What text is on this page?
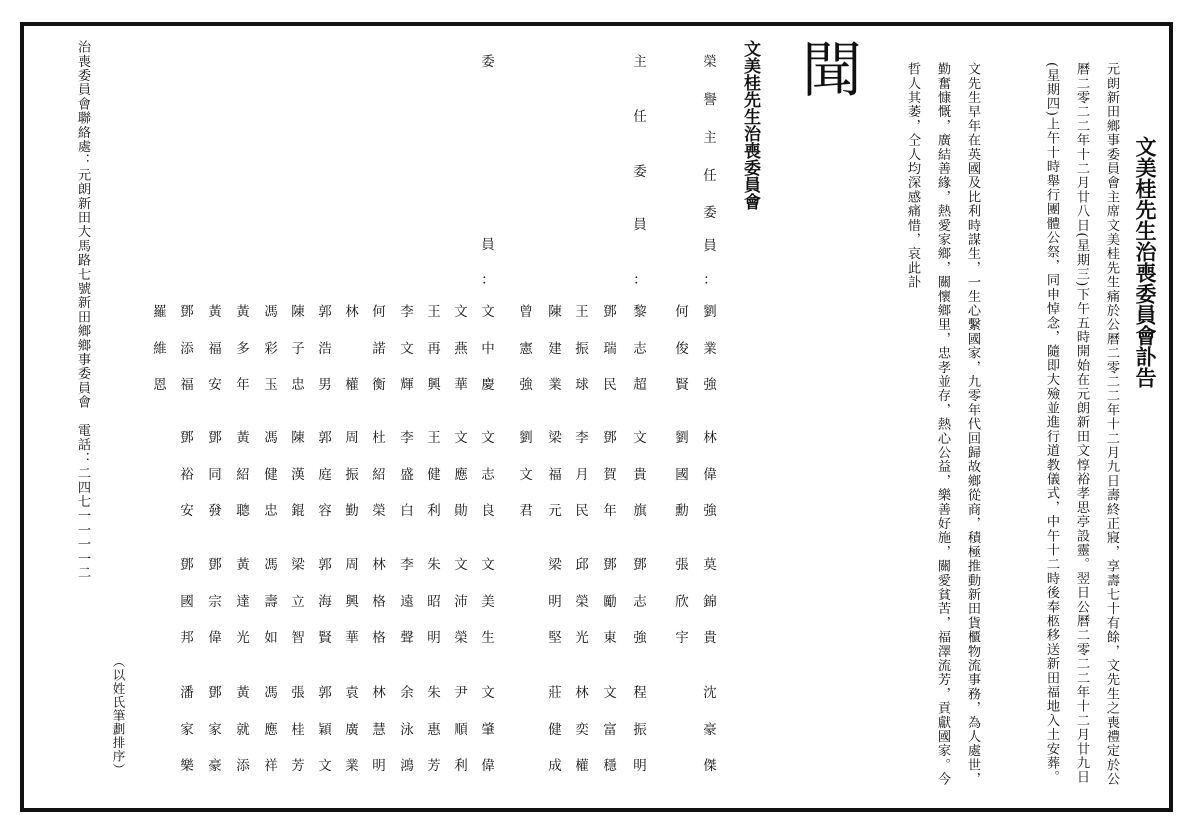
文美桂先生治喪委員會訃告
元朗新田鄉事委員會主席文美桂先生痛於公曆二零二二年十二月九日壽終正寢，享壽七十有餘，文先生之喪禮定於公曆二零二二年十二月廿八日(星期三)下午五時開始在元朗新田文惇裕孝思亭設靈。翌日公曆二零二二年十二月廿九日(星期四)上午十時舉行團體公祭，同申悼念，隨即大殮並進行道教儀式，中午十二時後奉柩移送新田福地入土安葬。
文先生早年在英國及比利時謀生，一生心繫國家，九零年代回歸故鄉從商，積極推動新田貨櫃物流事務，為人處世，勤奮慷慨，廣結善緣，熱愛家鄉，關懷鄉里，忠孝並存，熱心公益，樂善好施，關愛貧苦，福澤流芳，貢獻國家。今哲人其萎，仝人均深感痛惜，哀此訃
聞
文美桂先生治喪委員會
榮
譽
主
任
委
員
：
主
任
委
員
：
委
員
：
劉
業
強
何
俊
賢
林
偉
強
劉
國
勳
莫
錦
貴
張
欣
宇
沈
豪
傑
黎
志
超
鄧
瑞
民
王
振
球
陳
建
業
曾
憲
強
文
貴
旗
鄧
賀
年
李
月
民
梁
福
元
劉
文
君
鄧
志
強
鄧
勵
東
邱
榮
光
梁
明
堅
程
振
明
文
富
穩
林
奕
權
莊
健
成
文
中
慶
文
燕
華
王
再
興
李
文
輝
何
諾
衡
林
權
郭
浩
男
陳
子
忠
馮
彩
玉
黃
多
年
黃
福
安
鄧
添
福
羅
維
恩
文
志
良
文
應
勛
王
健
利
李
盛
白
杜
紹
榮
周
振
勤
郭
庭
容
陳
漢
錕
馮
健
忠
黃
紹
聰
鄧
同
發
鄧
裕
安
文
美
生
文
沛
榮
朱
昭
明
李
遠
聲
林
格
格
周
興
華
郭
海
賢
梁
立
智
馮
壽
如
黃
達
光
鄧
宗
偉
鄧
國
邦
文
肇
偉
尹
順
利
朱
惠
芳
余
泳
鴻
林
慧
明
袁
廣
業
郭
穎
文
張
桂
芳
馮
應
祥
黃
就
添
鄧
家
豪
潘
家
樂
（以姓氏筆劃排序）
治喪委員會聯絡處：元朗新田大馬路七號新田鄉鄉事委員會　電話：二四七一一一一二
